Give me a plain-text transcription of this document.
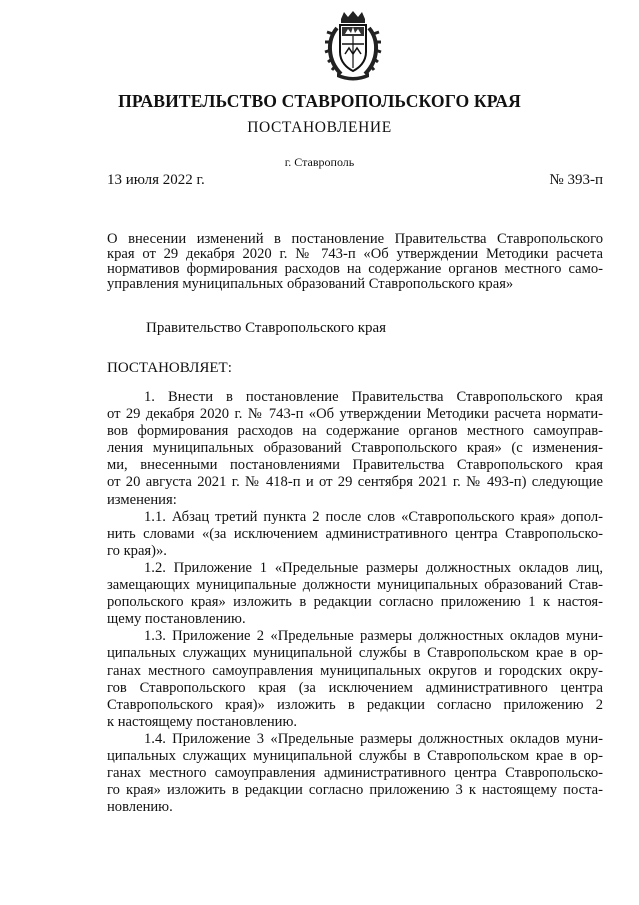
ПРАВИТЕЛЬСТВО СТАВРОПОЛЬСКОГО КРАЯ
ПОСТАНОВЛЕНИЕ
г. Ставрополь
13 июля 2022 г.	№ 393-п
О внесении изменений в постановление Правительства Ставропольского
края от 29 декабря 2020 г. № 743-п «Об утверждении Методики расчета
нормативов формирования расходов на содержание органов местного само-
управления муниципальных образований Ставропольского края»
Правительство Ставропольского края
ПОСТАНОВЛЯЕТ:
1. Внести в постановление Правительства Ставропольского края
от 29 декабря 2020 г. № 743-п «Об утверждении Методики расчета нормати-
вов формирования расходов на содержание органов местного самоуправ-
ления муниципальных образований Ставропольского края» (с изменения-
ми, внесенными постановлениями Правительства Ставропольского края
от 20 августа 2021 г. № 418-п и от 29 сентября 2021 г. № 493-п) следующие
изменения:
1.1. Абзац третий пункта 2 после слов «Ставропольского края» допол-
нить словами «(за исключением административного центра Ставропольско-
го края)».
1.2. Приложение 1 «Предельные размеры должностных окладов лиц,
замещающих муниципальные должности муниципальных образований Став-
ропольского края» изложить в редакции согласно приложению 1 к настоя-
щему постановлению.
1.3. Приложение 2 «Предельные размеры должностных окладов муни-
ципальных служащих муниципальной службы в Ставропольском крае в ор-
ганах местного самоуправления муниципальных округов и городских окру-
гов Ставропольского края (за исключением административного центра
Ставропольского края)» изложить в редакции согласно приложению 2
к настоящему постановлению.
1.4. Приложение 3 «Предельные размеры должностных окладов муни-
ципальных служащих муниципальной службы в Ставропольском крае в ор-
ганах местного самоуправления административного центра Ставропольско-
го края» изложить в редакции согласно приложению 3 к настоящему поста-
новлению.
